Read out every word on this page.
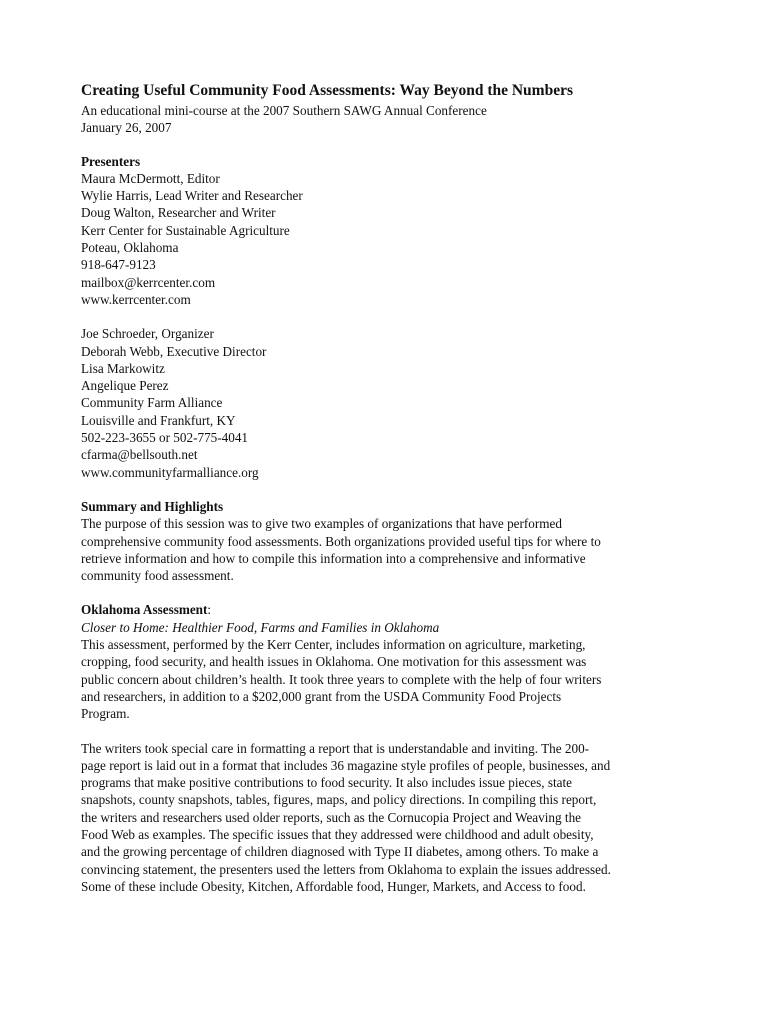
Creating Useful Community Food Assessments: Way Beyond the Numbers
An educational mini-course at the 2007 Southern SAWG Annual Conference
January 26, 2007
Presenters
Maura McDermott, Editor
Wylie Harris, Lead Writer and Researcher
Doug Walton, Researcher and Writer
Kerr Center for Sustainable Agriculture
Poteau, Oklahoma
918-647-9123
mailbox@kerrcenter.com
www.kerrcenter.com
Joe Schroeder, Organizer
Deborah Webb, Executive Director
Lisa Markowitz
Angelique Perez
Community Farm Alliance
Louisville and Frankfurt, KY
502-223-3655 or 502-775-4041
cfarma@bellsouth.net
www.communityfarmalliance.org
Summary and Highlights
The purpose of this session was to give two examples of organizations that have performed
comprehensive community food assessments. Both organizations provided useful tips for where to
retrieve information and how to compile this information into a comprehensive and informative
community food assessment.
Oklahoma Assessment:
Closer to Home: Healthier Food, Farms and Families in Oklahoma
This assessment, performed by the Kerr Center, includes information on agriculture, marketing,
cropping, food security, and health issues in Oklahoma. One motivation for this assessment was
public concern about children’s health. It took three years to complete with the help of four writers
and researchers, in addition to a $202,000 grant from the USDA Community Food Projects
Program.
The writers took special care in formatting a report that is understandable and inviting. The 200-
page report is laid out in a format that includes 36 magazine style profiles of people, businesses, and
programs that make positive contributions to food security. It also includes issue pieces, state
snapshots, county snapshots, tables, figures, maps, and policy directions. In compiling this report,
the writers and researchers used older reports, such as the Cornucopia Project and Weaving the
Food Web as examples. The specific issues that they addressed were childhood and adult obesity,
and the growing percentage of children diagnosed with Type II diabetes, among others. To make a
convincing statement, the presenters used the letters from Oklahoma to explain the issues addressed.
Some of these include Obesity, Kitchen, Affordable food, Hunger, Markets, and Access to food.
